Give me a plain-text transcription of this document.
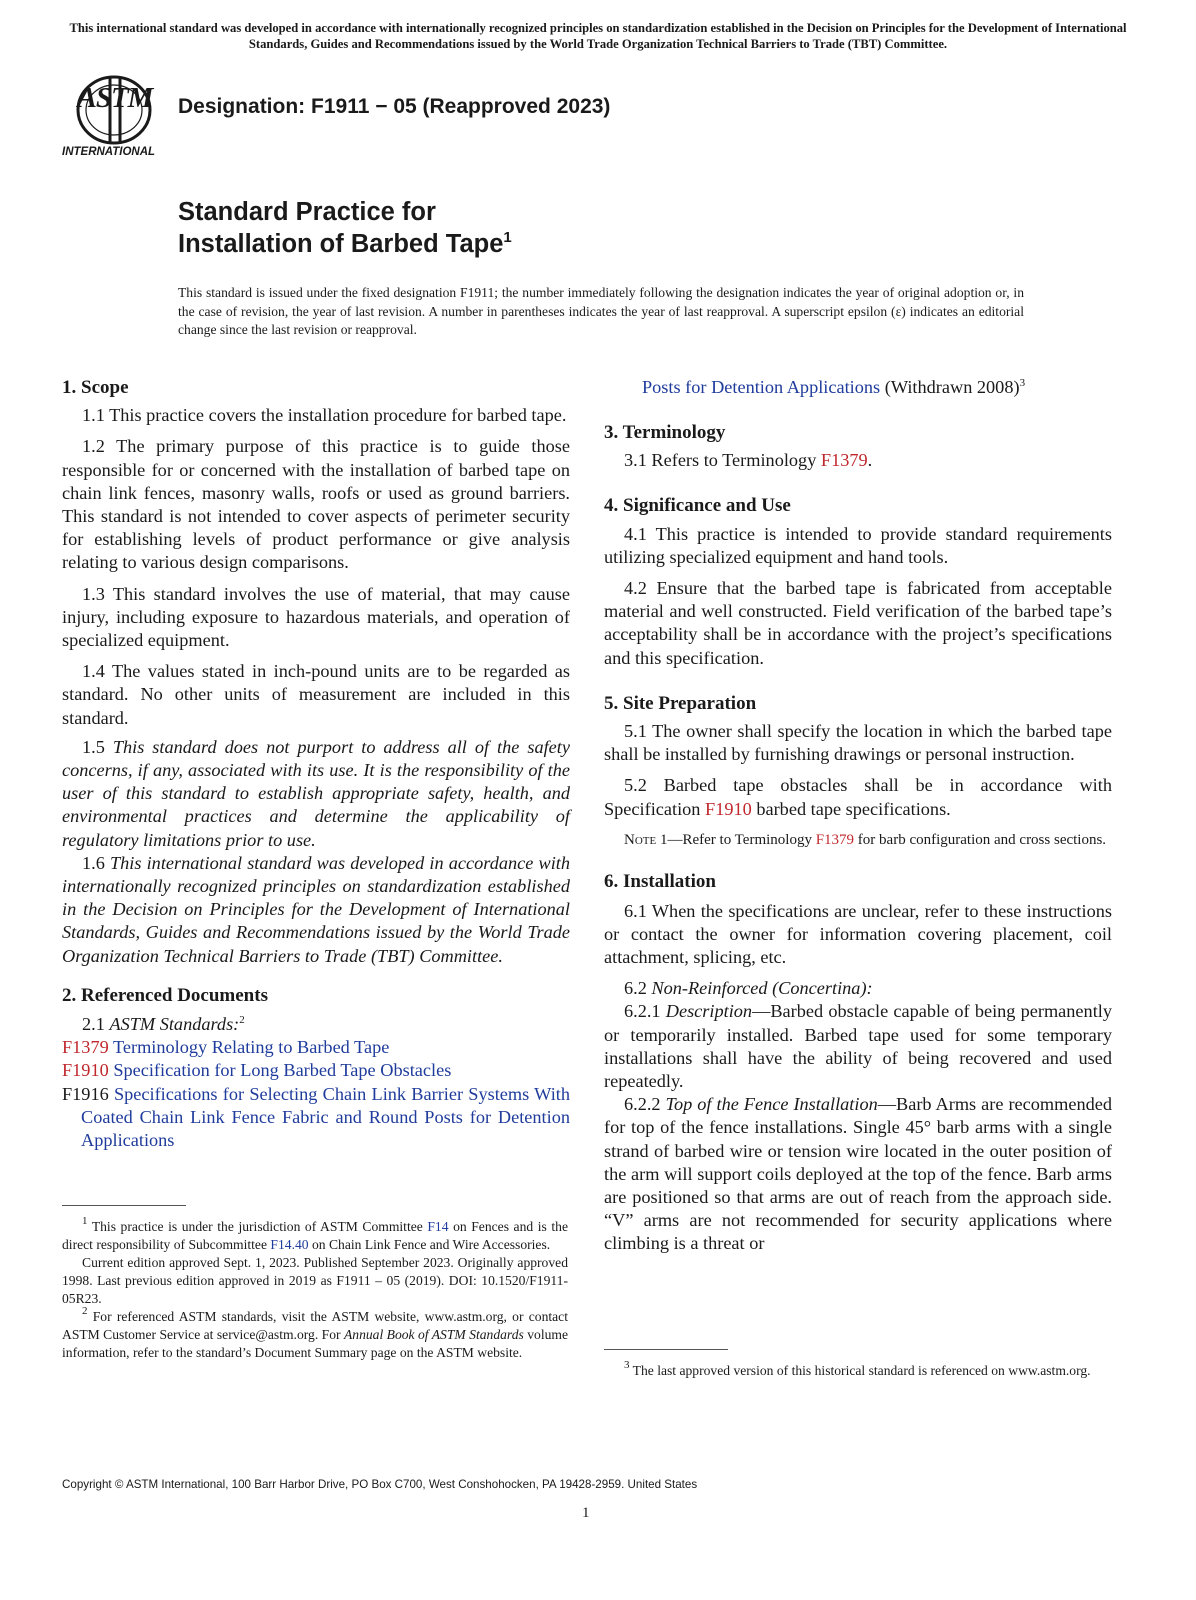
This international standard was developed in accordance with internationally recognized principles on standardization established in the Decision on Principles for the Development of International Standards, Guides and Recommendations issued by the World Trade Organization Technical Barriers to Trade (TBT) Committee.
ASTM
INTERNATIONAL
Designation: F1911 − 05 (Reapproved 2023)
Standard Practice for
Installation of Barbed Tape$^1$
This standard is issued under the fixed designation F1911; the number immediately following the designation indicates the year of original adoption or, in the case of revision, the year of last revision. A number in parentheses indicates the year of last reapproval. A superscript epsilon (ε) indicates an editorial change since the last revision or reapproval.

1. Scope

1.1 This practice covers the installation procedure for barbed tape.

1.2 The primary purpose of this practice is to guide those responsible for or concerned with the installation of barbed tape on chain link fences, masonry walls, roofs or used as ground barriers. This standard is not intended to cover aspects of perimeter security for establishing levels of product performance or give analysis relating to various design comparisons.

1.3 This standard involves the use of material, that may cause injury, including exposure to hazardous materials, and operation of specialized equipment.

1.4 The values stated in inch-pound units are to be regarded as standard. No other units of measurement are included in this standard.

1.5 This standard does not purport to address all of the safety concerns, if any, associated with its use. It is the responsibility of the user of this standard to establish appropriate safety, health, and environmental practices and determine the applicability of regulatory limitations prior to use.

1.6 This international standard was developed in accordance with internationally recognized principles on standardization established in the Decision on Principles for the Development of International Standards, Guides and Recommendations issued by the World Trade Organization Technical Barriers to Trade (TBT) Committee.

2. Referenced Documents

2.1 ASTM Standards:$^2$

F1379 Terminology Relating to Barbed Tape

F1910 Specification for Long Barbed Tape Obstacles

F1916 Specifications for Selecting Chain Link Barrier Systems With Coated Chain Link Fence Fabric and Round Posts for Detention Applications

$^1$ This practice is under the jurisdiction of ASTM Committee F14 on Fences and is the direct responsibility of Subcommittee F14.40 on Chain Link Fence and Wire Accessories.

Current edition approved Sept. 1, 2023. Published September 2023. Originally approved 1998. Last previous edition approved in 2019 as F1911 – 05 (2019). DOI: 10.1520/F1911-05R23.

$^2$ For referenced ASTM standards, visit the ASTM website, www.astm.org, or contact ASTM Customer Service at service@astm.org. For Annual Book of ASTM Standards volume information, refer to the standard’s Document Summary page on the ASTM website.

Posts for Detention Applications (Withdrawn 2008)$^3$

3. Terminology

3.1 Refers to Terminology F1379.

4. Significance and Use

4.1 This practice is intended to provide standard requirements utilizing specialized equipment and hand tools.

4.2 Ensure that the barbed tape is fabricated from acceptable material and well constructed. Field verification of the barbed tape’s acceptability shall be in accordance with the project’s specifications and this specification.

5. Site Preparation

5.1 The owner shall specify the location in which the barbed tape shall be installed by furnishing drawings or personal instruction.

5.2 Barbed tape obstacles shall be in accordance with Specification F1910 barbed tape specifications.

Note 1—Refer to Terminology F1379 for barb configuration and cross sections.

6. Installation

6.1 When the specifications are unclear, refer to these instructions or contact the owner for information covering placement, coil attachment, splicing, etc.

6.2 Non-Reinforced (Concertina):

6.2.1 Description—Barbed obstacle capable of being permanently or temporarily installed. Barbed tape used for some temporary installations shall have the ability of being recovered and used repeatedly.

6.2.2 Top of the Fence Installation—Barb Arms are recommended for top of the fence installations. Single 45° barb arms with a single strand of barbed wire or tension wire located in the outer position of the arm will support coils deployed at the top of the fence. Barb arms are positioned so that arms are out of reach from the approach side. “V” arms are not recommended for security applications where climbing is a threat or

$^3$ The last approved version of this historical standard is referenced on www.astm.org.

Copyright © ASTM International, 100 Barr Harbor Drive, PO Box C700, West Conshohocken, PA 19428-2959. United States
1
